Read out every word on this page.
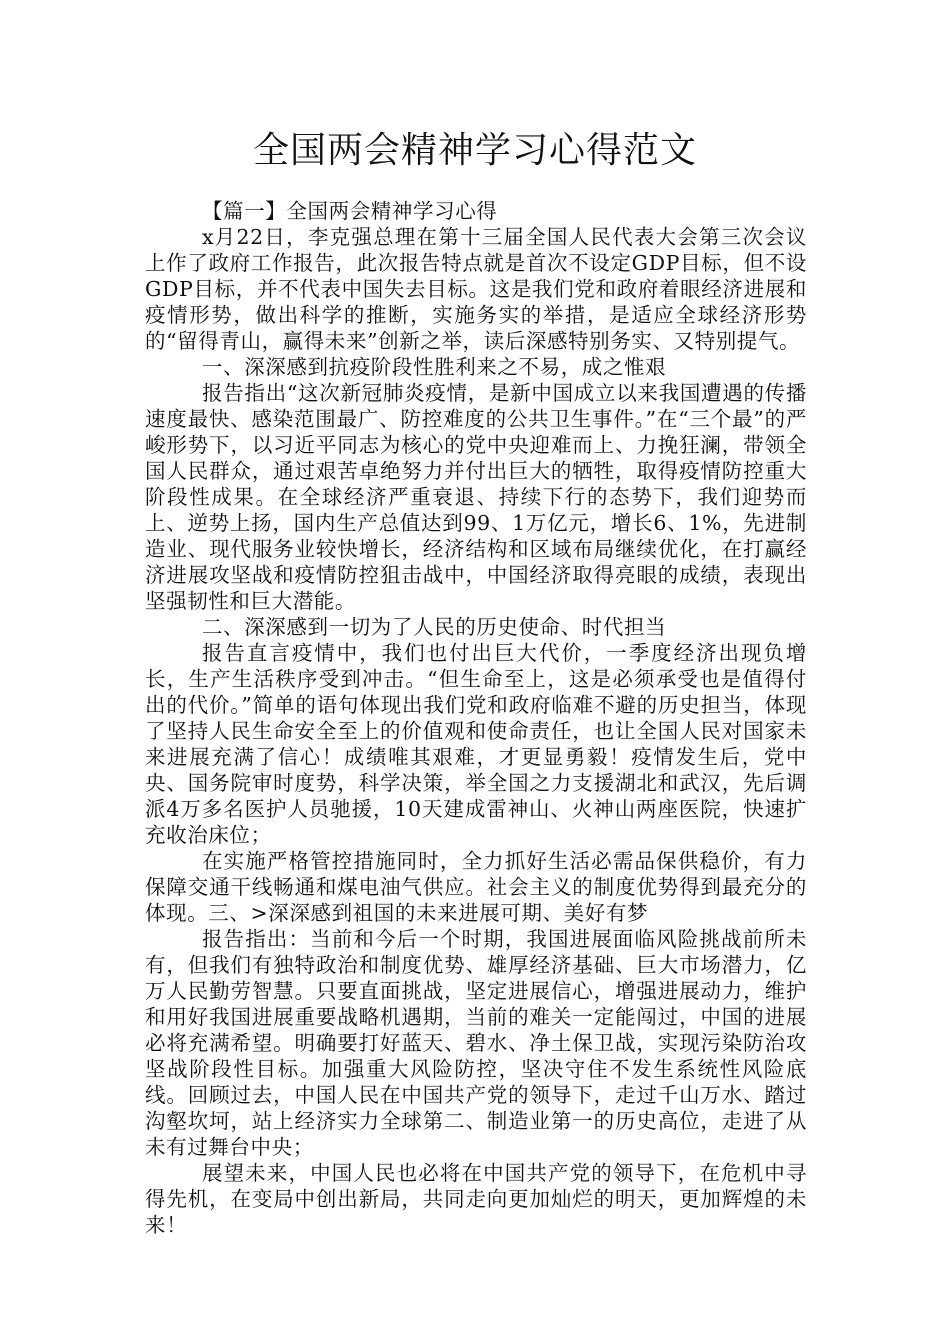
全国两会精神学习心得范文

【篇一】全国两会精神学习心得

x月22日，李克强总理在第十三届全国人民代表大会第三次会议上作了政府工作报告，此次报告特点就是首次不设定GDP目标，但不设GDP目标，并不代表中国失去目标。这是我们党和政府着眼经济进展和疫情形势，做出科学的推断，实施务实的举措，是适应全球经济形势的“留得青山，赢得未来”创新之举，读后深感特别务实、又特别提气。

一、深深感到抗疫阶段性胜利来之不易，成之惟艰

报告指出“这次新冠肺炎疫情，是新中国成立以来我国遭遇的传播速度最快、感染范围最广、防控难度的公共卫生事件。”在“三个最”的严峻形势下，以习近平同志为核心的党中央迎难而上、力挽狂澜，带领全国人民群众，通过艰苦卓绝努力并付出巨大的牺牲，取得疫情防控重大阶段性成果。在全球经济严重衰退、持续下行的态势下，我们迎势而上、逆势上扬，国内生产总值达到99、1万亿元，增长6、1%，先进制造业、现代服务业较快增长，经济结构和区域布局继续优化，在打赢经济进展攻坚战和疫情防控狙击战中，中国经济取得亮眼的成绩，表现出坚强韧性和巨大潜能。

二、深深感到一切为了人民的历史使命、时代担当

报告直言疫情中，我们也付出巨大代价，一季度经济出现负增长，生产生活秩序受到冲击。“但生命至上，这是必须承受也是值得付出的代价。”简单的语句体现出我们党和政府临难不避的历史担当，体现了坚持人民生命安全至上的价值观和使命责任，也让全国人民对国家未来进展充满了信心！成绩唯其艰难，才更显勇毅！疫情发生后，党中央、国务院审时度势，科学决策，举全国之力支援湖北和武汉，先后调派4万多名医护人员驰援，10天建成雷神山、火神山两座医院，快速扩充收治床位；

在实施严格管控措施同时，全力抓好生活必需品保供稳价，有力保障交通干线畅通和煤电油气供应。社会主义的制度优势得到最充分的体现。三、>深深感到祖国的未来进展可期、美好有梦

报告指出：当前和今后一个时期，我国进展面临风险挑战前所未有，但我们有独特政治和制度优势、雄厚经济基础、巨大市场潜力，亿万人民勤劳智慧。只要直面挑战，坚定进展信心，增强进展动力，维护和用好我国进展重要战略机遇期，当前的难关一定能闯过，中国的进展必将充满希望。明确要打好蓝天、碧水、净土保卫战，实现污染防治攻坚战阶段性目标。加强重大风险防控，坚决守住不发生系统性风险底线。回顾过去，中国人民在中国共产党的领导下，走过千山万水、踏过沟壑坎坷，站上经济实力全球第二、制造业第一的历史高位，走进了从未有过舞台中央；

展望未来，中国人民也必将在中国共产党的领导下，在危机中寻得先机，在变局中创出新局，共同走向更加灿烂的明天，更加辉煌的未来！
